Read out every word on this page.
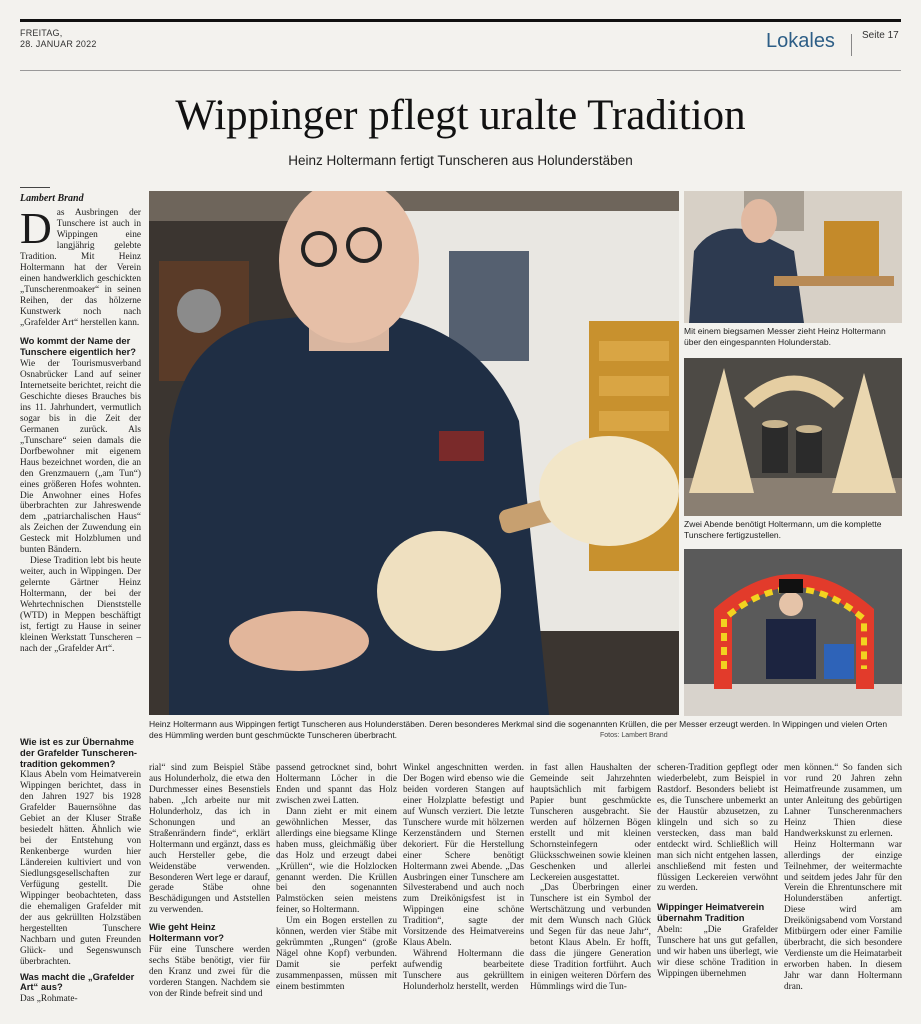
FREITAG,
28. JANUAR 2022	Lokales	Seite 17
Wippinger pflegt uralte Tradition
Heinz Holtermann fertigt Tunscheren aus Holunderstäben
Lambert Brand
D as Ausbringen der Tunschere ist auch in Wippingen eine langjährig gelebte Tradition. Mit Heinz Holtermann hat der Verein einen handwerklich geschickten „Tunscherenmoaker“ in seinen Reihen, der das hölzerne Kunstwerk noch nach „Grafelder Art“ herstellen kann.

Wo kommt der Name der Tunschere eigentlich her?

Wie der Tourismusverband Osnabrücker Land auf seiner Internetseite berichtet, reicht die Geschichte dieses Brauches bis ins 11. Jahrhundert, vermutlich sogar bis in die Zeit der Germanen zurück. Als „Tunschare“ seien damals die Dorfbewohner mit eigenem Haus bezeichnet worden, die an den Grenzmauern („am Tun“) eines größeren Hofes wohnten. Die Anwohner eines Hofes überbrachten zur Jahreswende dem „patriarchalischen Haus“ als Zeichen der Zuwendung ein Gesteck mit Holzblumen und bunten Bändern.

Diese Tradition lebt bis heute weiter, auch in Wippingen. Der gelernte Gärtner Heinz Holtermann, der bei der Wehrtechnischen Dienststelle (WTD) in Meppen beschäftigt ist, fertigt zu Hause in seiner kleinen Werkstatt Tunscheren – nach der „Grafelder Art“.

Mit einem biegsamen Messer zieht Heinz Holtermann über den eingespannten Holunderstab.
Zwei Abende benötigt Holtermann, um die komplette Tunschere fertigzustellen.
Heinz Holtermann aus Wippingen fertigt Tunscheren aus Holunderstäben. Deren besonderes Merkmal sind die sogenannten Krüllen, die per Messer erzeugt werden. In Wippingen und vielen Orten des Hümmling werden bunt geschmückte Tunscheren überbracht.	Fotos: Lambert Brand
Wie ist es zur Übernahme der Grafelder Tunscheren-tradition gekommen?

Klaus Abeln vom Heimatverein Wippingen berichtet, dass in den Jahren 1927 bis 1928 Grafelder Bauernsöhne das Gebiet an der Kluser Straße besiedelt hätten. Ähnlich wie bei der Entstehung von Renkenberge wurden hier Ländereien kultiviert und von Siedlungsgesellschaften zur Verfügung gestellt. Die Wippinger beobachteten, dass die ehemaligen Grafelder mit der aus gekrüllten Holzstäben hergestellten Tunschere Nachbarn und guten Freunden Glück- und Segenswunsch überbrachten.

Was macht die „Grafelder Art“ aus?

Das „Rohmate-

rial“ sind zum Beispiel Stäbe aus Holunderholz, die etwa den Durchmesser eines Besenstiels haben. „Ich arbeite nur mit Holunderholz, das ich in Schonungen und an Straßenrändern finde“, erklärt Holtermann und ergänzt, dass es auch Hersteller gebe, die Weidenstäbe verwenden. Besonderen Wert lege er darauf, gerade Stäbe ohne Beschädigungen und Aststellen zu verwenden.

Wie geht Heinz Holtermann vor?

Für eine Tunschere werden sechs Stäbe benötigt, vier für den Kranz und zwei für die vorderen Stangen. Nachdem sie von der Rinde befreit sind und

passend getrocknet sind, bohrt Holtermann Löcher in die Enden und spannt das Holz zwischen zwei Latten.

Dann zieht er mit einem gewöhnlichen Messer, das allerdings eine biegsame Klinge haben muss, gleichmäßig über das Holz und erzeugt dabei „Krüllen“, wie die Holzlocken genannt werden. Die Krüllen bei den sogenannten Palmstöcken seien meistens feiner, so Holtermann.

Um ein Bogen erstellen zu können, werden vier Stäbe mit gekrümmten „Rungen“ (große Nägel ohne Kopf) verbunden. Damit sie perfekt zusammenpassen, müssen mit einem bestimmten

Winkel angeschnitten werden. Der Bogen wird ebenso wie die beiden vorderen Stangen auf einer Holzplatte befestigt und auf Wunsch verziert. Die letzte Tunschere wurde mit hölzernen Kerzenständern und Sternen dekoriert. Für die Herstellung einer Schere benötigt Holtermann zwei Abende. „Das Ausbringen einer Tunschere am Silvesterabend und auch noch zum Dreikönigsfest ist in Wippingen eine schöne Tradition“, sagte der Vorsitzende des Heimatvereins Klaus Abeln.

Während Holtermann die aufwendig bearbeitete Tunschere aus gekrülltem Holunderholz herstellt, werden

in fast allen Haushalten der Gemeinde seit Jahrzehnten hauptsächlich mit farbigem Papier bunt geschmückte Tunscheren ausgebracht. Sie werden auf hölzernen Bögen erstellt und mit kleinen Schornsteinfegern oder Glücksschweinen sowie kleinen Geschenken und allerlei Leckereien ausgestattet.

„Das Überbringen einer Tunschere ist ein Symbol der Wertschätzung und verbunden mit dem Wunsch nach Glück und Segen für das neue Jahr“, betont Klaus Abeln. Er hofft, dass die jüngere Generation diese Tradition fortführt. Auch in einigen weiteren Dörfern des Hümmlings wird die Tun-

scheren-Tradition gepflegt oder wiederbelebt, zum Beispiel in Rastdorf. Besonders beliebt ist es, die Tunschere unbemerkt an der Haustür abzusetzen, zu klingeln und sich so zu verstecken, dass man bald entdeckt wird. Schließlich will man sich nicht entgehen lassen, anschließend mit festen und flüssigen Leckereien verwöhnt zu werden.

Wippinger Heimatverein übernahm Tradition

Abeln: „Die Grafelder Tunschere hat uns gut gefallen, und wir haben uns überlegt, wie wir diese schöne Tradition in Wippingen übernehmen

men können.“ So fanden sich vor rund 20 Jahren zehn Heimatfreunde zusammen, um unter Anleitung des gebürtigen Lahner Tunscherenmachers Heinz Thien diese Handwerkskunst zu erlernen.

Heinz Holtermann war allerdings der einzige Teilnehmer, der weitermachte und seitdem jedes Jahr für den Verein die Ehrentunschere mit Holunderstäben anfertigt. Diese wird am Dreikönigsabend vom Vorstand Mitbürgern oder einer Familie überbracht, die sich besondere Verdienste um die Heimatarbeit erworben haben. In diesem Jahr war dann Holtermann dran.
